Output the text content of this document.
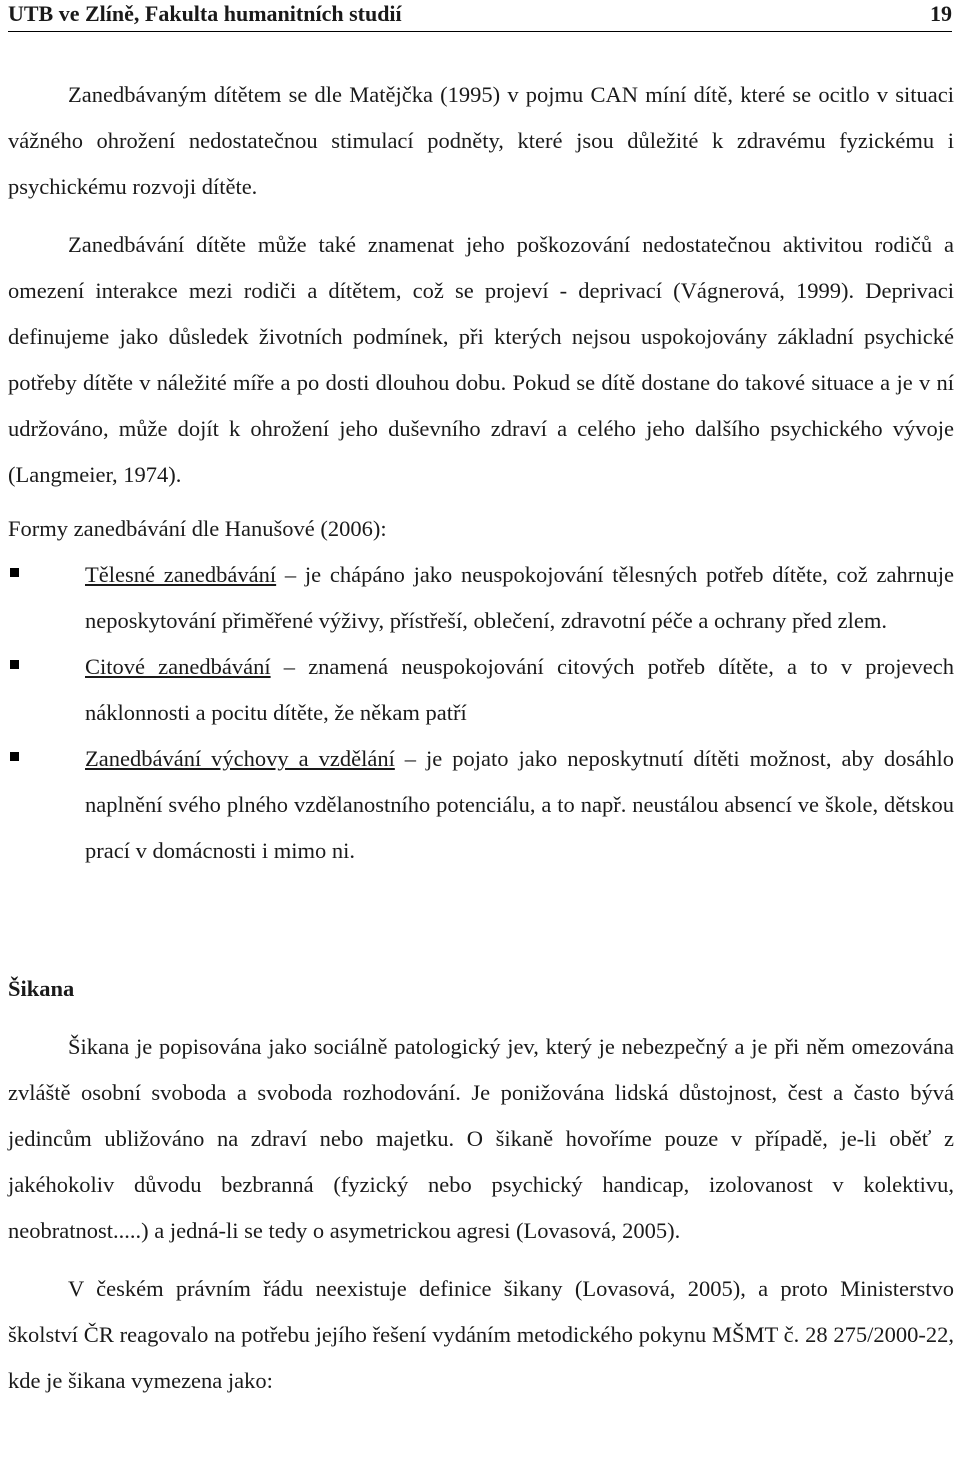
UTB ve Zlíně, Fakulta humanitních studií	19

Zanedbávaným dítětem se dle Matějčka (1995) v pojmu CAN míní dítě, které se ocitlo v situaci vážného ohrožení nedostatečnou stimulací podněty, které jsou důležité k zdravému fyzickému i psychickému rozvoji dítěte.

Zanedbávání dítěte může také znamenat jeho poškozování nedostatečnou aktivitou rodičů a omezení interakce mezi rodiči a dítětem, což se projeví - deprivací (Vágnerová, 1999). Deprivaci definujeme jako důsledek životních podmínek, při kterých nejsou uspokojovány základní psychické potřeby dítěte v náležité míře a po dosti dlouhou dobu. Pokud se dítě dostane do takové situace a je v ní udržováno, může dojít k ohrožení jeho duševního zdraví a celého jeho dalšího psychického vývoje (Langmeier, 1974).

Formy zanedbávání dle Hanušové (2006):

Tělesné zanedbávání – je chápáno jako neuspokojování tělesných potřeb dítěte, což zahrnuje neposkytování přiměřené výživy, přístřeší, oblečení, zdravotní péče a ochrany před zlem.
Citové zanedbávání – znamená neuspokojování citových potřeb dítěte, a to v projevech náklonnosti a pocitu dítěte, že někam patří
Zanedbávání výchovy a vzdělání – je pojato jako neposkytnutí dítěti možnost, aby dosáhlo naplnění svého plného vzdělanostního potenciálu, a to např. neustálou absencí ve škole, dětskou prací v domácnosti i mimo ni.
Šikana

Šikana je popisována jako sociálně patologický jev, který je nebezpečný a je při něm omezována zvláště osobní svoboda a svoboda rozhodování. Je ponižována lidská důstojnost, čest a často bývá jedincům ubližováno na zdraví nebo majetku. O šikaně hovoříme pouze v případě, je-li oběť z jakéhokoliv důvodu bezbranná (fyzický nebo psychický handicap, izolovanost v kolektivu, neobratnost.....) a jedná-li se tedy o asymetrickou agresi (Lovasová, 2005).

V českém právním řádu neexistuje definice šikany (Lovasová, 2005), a proto Ministerstvo školství ČR reagovalo na potřebu jejího řešení vydáním metodického pokynu MŠMT č. 28 275/2000-22, kde je šikana vymezena jako:
